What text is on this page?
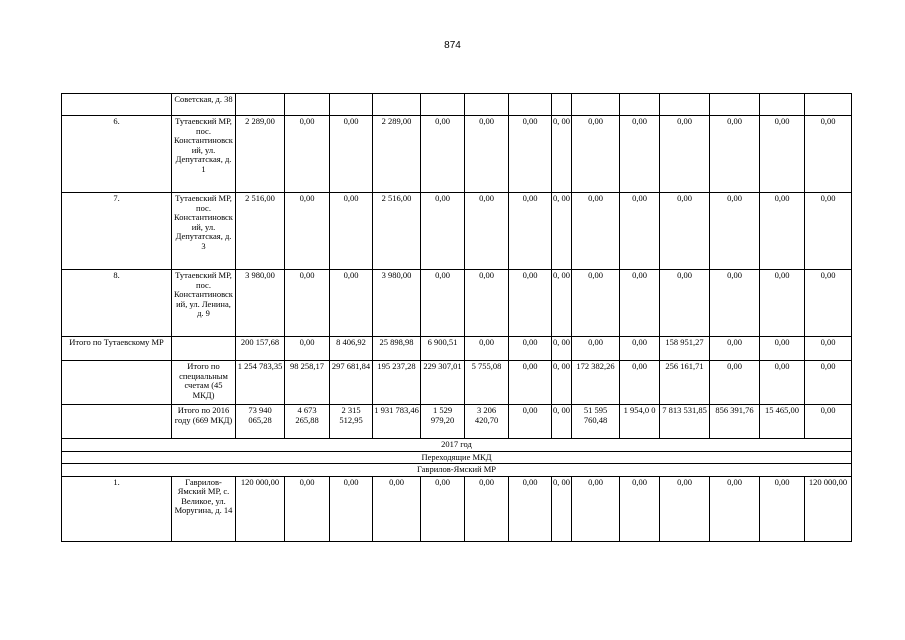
874
	Советская, д. 38														
6.	Тутаевский МР, пос. Константиновский, ул. Депутатская, д. 1	2 289,00	0,00	0,00	2 289,00	0,00	0,00	0,00	0, 00	0,00	0,00	0,00	0,00	0,00	0,00
7.	Тутаевский МР, пос. Константиновский, ул. Депутатская, д. 3	2 516,00	0,00	0,00	2 516,00	0,00	0,00	0,00	0, 00	0,00	0,00	0,00	0,00	0,00	0,00
8.	Тутаевский МР, пос. Константиновский, ул. Ленина, д. 9	3 980,00	0,00	0,00	3 980,00	0,00	0,00	0,00	0, 00	0,00	0,00	0,00	0,00	0,00	0,00
Итого по Тутаевскому МР		200 157,68	0,00	8 406,92	25 898,98	6 900,51	0,00	0,00	0, 00	0,00	0,00	158 951,27	0,00	0,00	0,00
	Итого по специальным счетам (45 МКД)	1 254 783,35	98 258,17	297 681,84	195 237,28	229 307,01	5 755,08	0,00	0, 00	172 382,26	0,00	256 161,71	0,00	0,00	0,00
	Итого по 2016 году (669 МКД)	73 940 065,28	4 673 265,88	2 315 512,95	1 931 783,46	1 529 979,20	3 206 420,70	0,00	0, 00	51 595 760,48	1 954,0 0	7 813 531,85	856 391,76	15 465,00	0,00
2017 год															
Переходящие МКД															
Гаврилов-Ямский МР															
1.	Гаврилов-Ямский МР, с. Великое, ул. Моругина, д. 14	120 000,00	0,00	0,00	0,00	0,00	0,00	0,00	0, 00	0,00	0,00	0,00	0,00	0,00	120 000,00
